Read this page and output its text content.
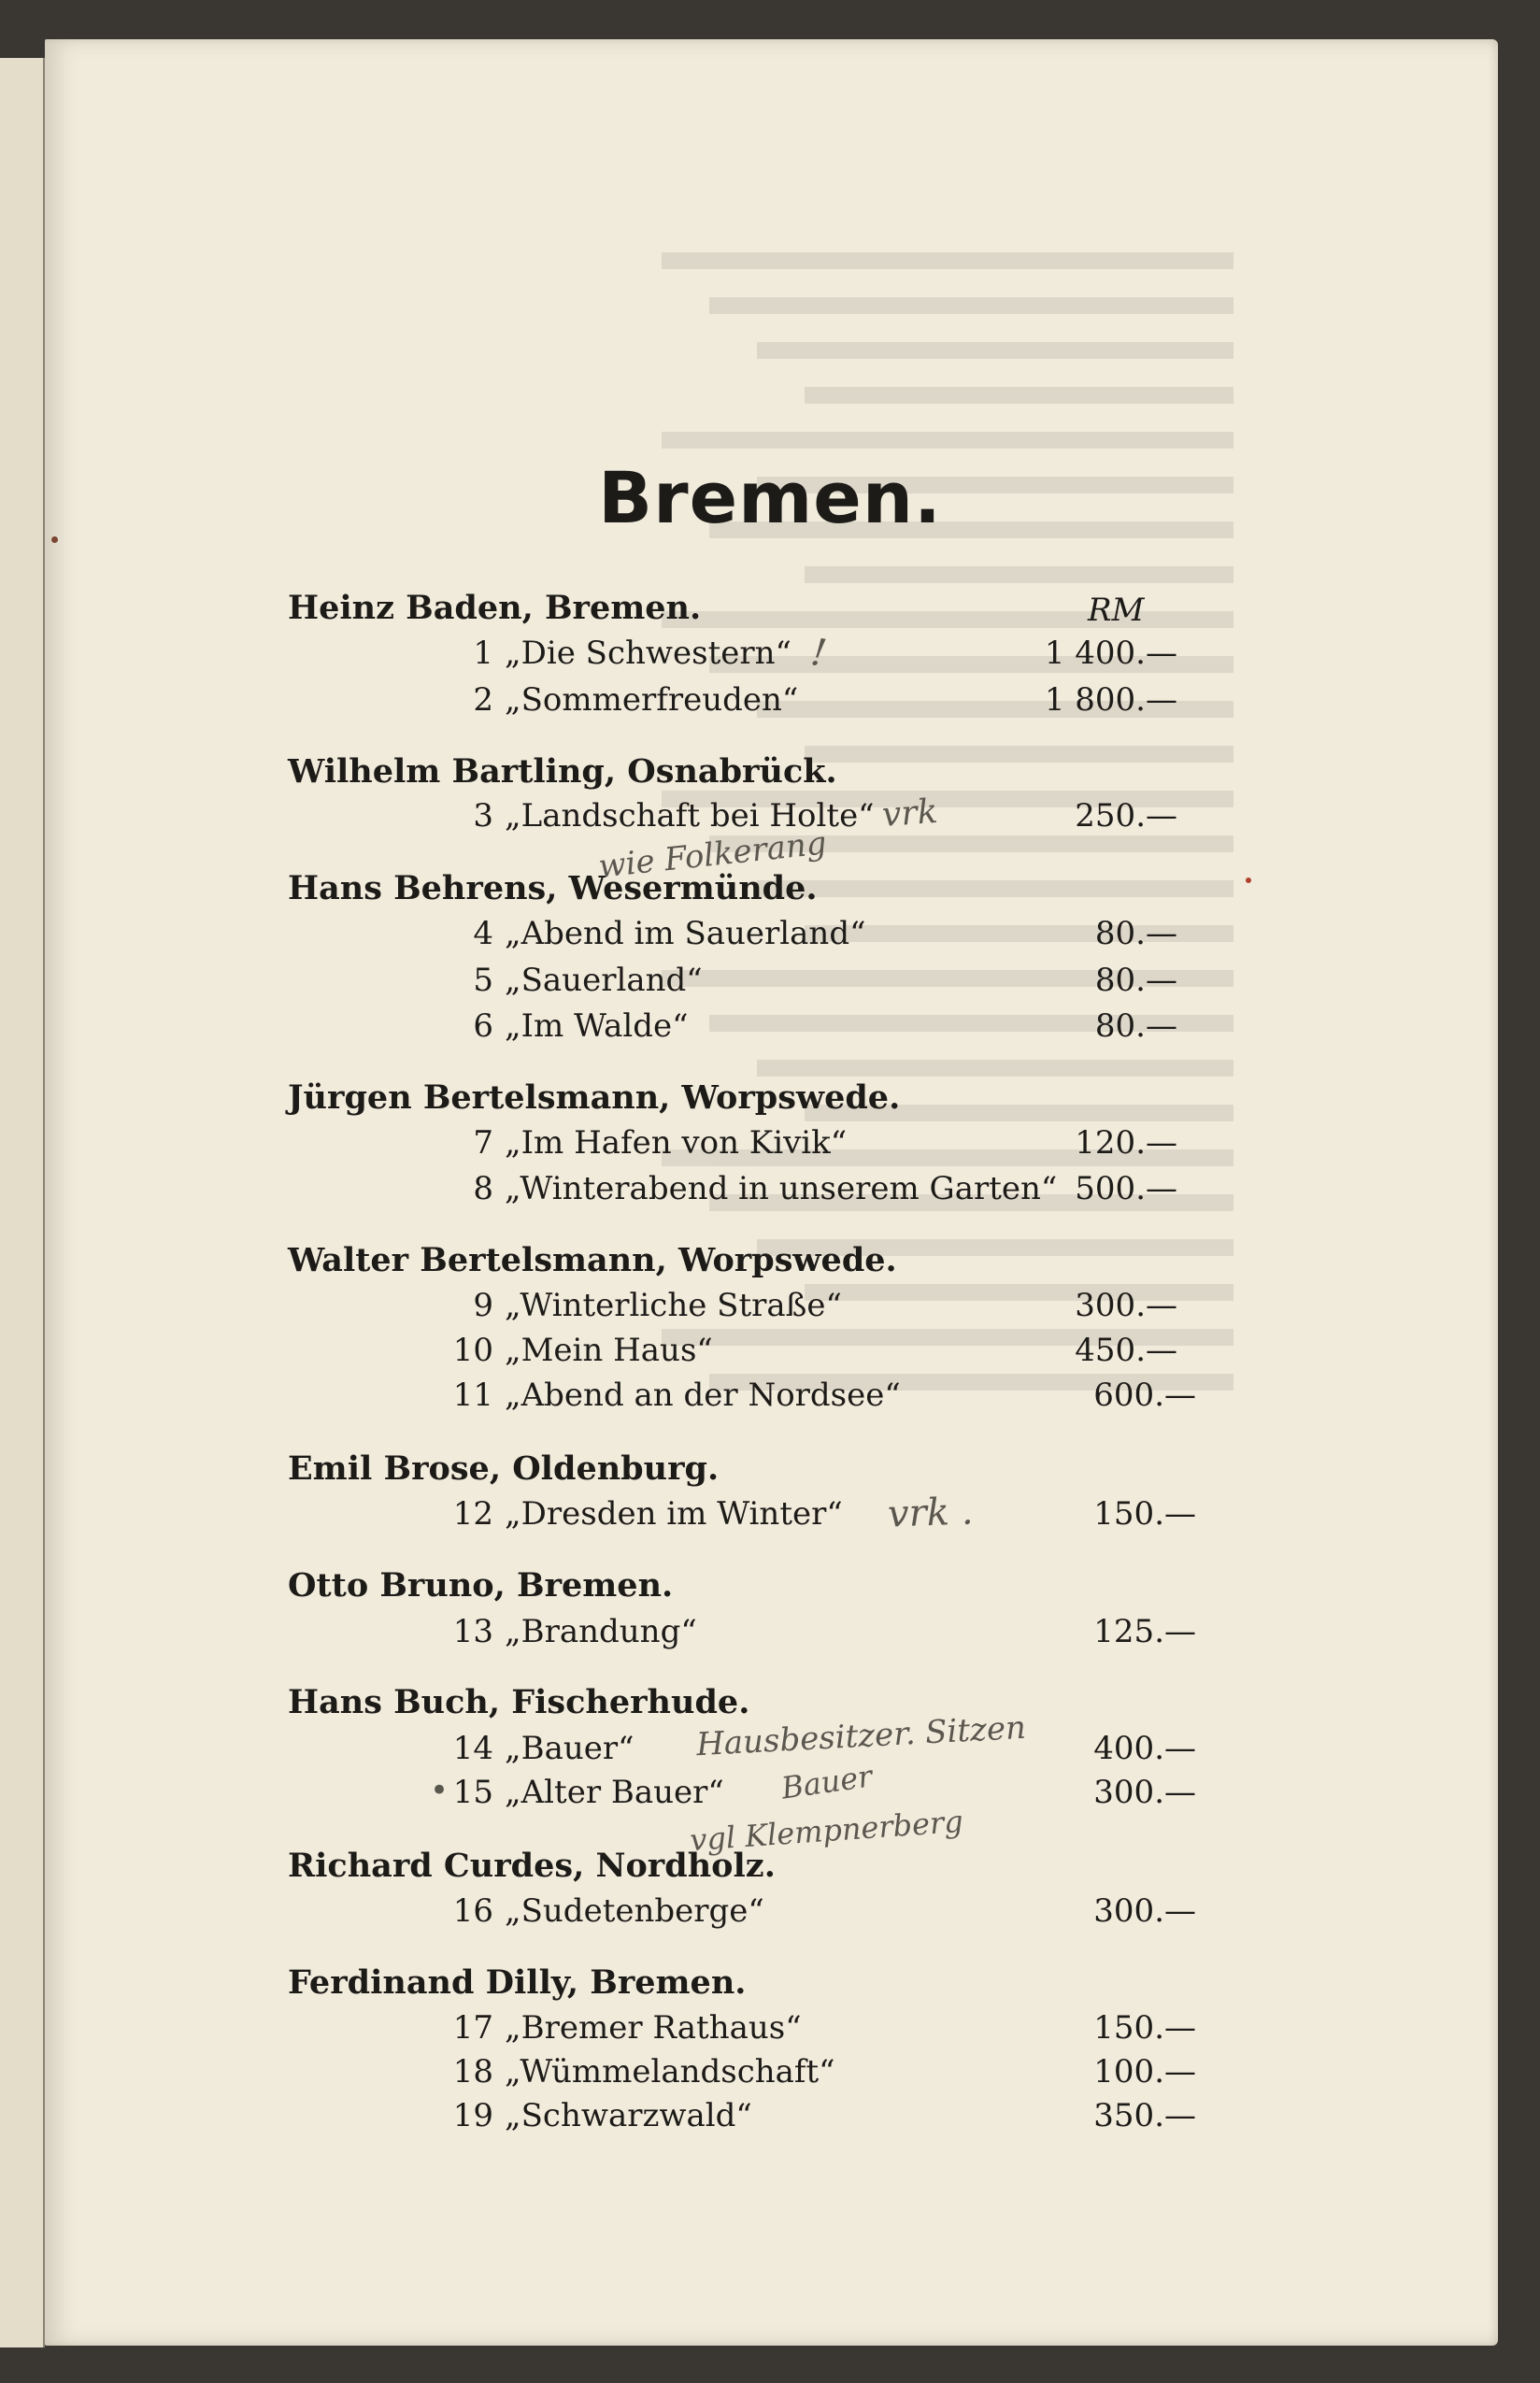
Bremen.
RM
Heinz Baden, Bremen.
1 „Die Schwestern“	1 400.—
2 „Sommerfreuden“	1 800.—
Wilhelm Bartling, Osnabrück.
3 „Landschaft bei Holte“	250.—
Hans Behrens, Wesermünde.
4 „Abend im Sauerland“	80.—
5 „Sauerland“	80.—
6 „Im Walde“	80.—
Jürgen Bertelsmann, Worpswede.
7 „Im Hafen von Kivik“	120.—
8 „Winterabend in unserem Garten“ 500.—
Walter Bertelsmann, Worpswede.
9 „Winterliche Straße“	300.—
10 „Mein Haus“	450.—
11 „Abend an der Nordsee“	600.—
Emil Brose, Oldenburg.
12 „Dresden im Winter“	150.—
Otto Bruno, Bremen.
13 „Brandung“	125.—
Hans Buch, Fischerhude.
14 „Bauer“	400.—
15 „Alter Bauer“	300.—
Richard Curdes, Nordholz.
16 „Sudetenberge“	300.—
Ferdinand Dilly, Bremen.
17 „Bremer Rathaus“	150.—
18 „Wümmelandschaft“	100.—
19 „Schwarzwald“	350.—
!
vrk
wie Folkerang
vrk .
Hausbesitzer. Sitzen
•	Bauer
vgl Klempnerberg
